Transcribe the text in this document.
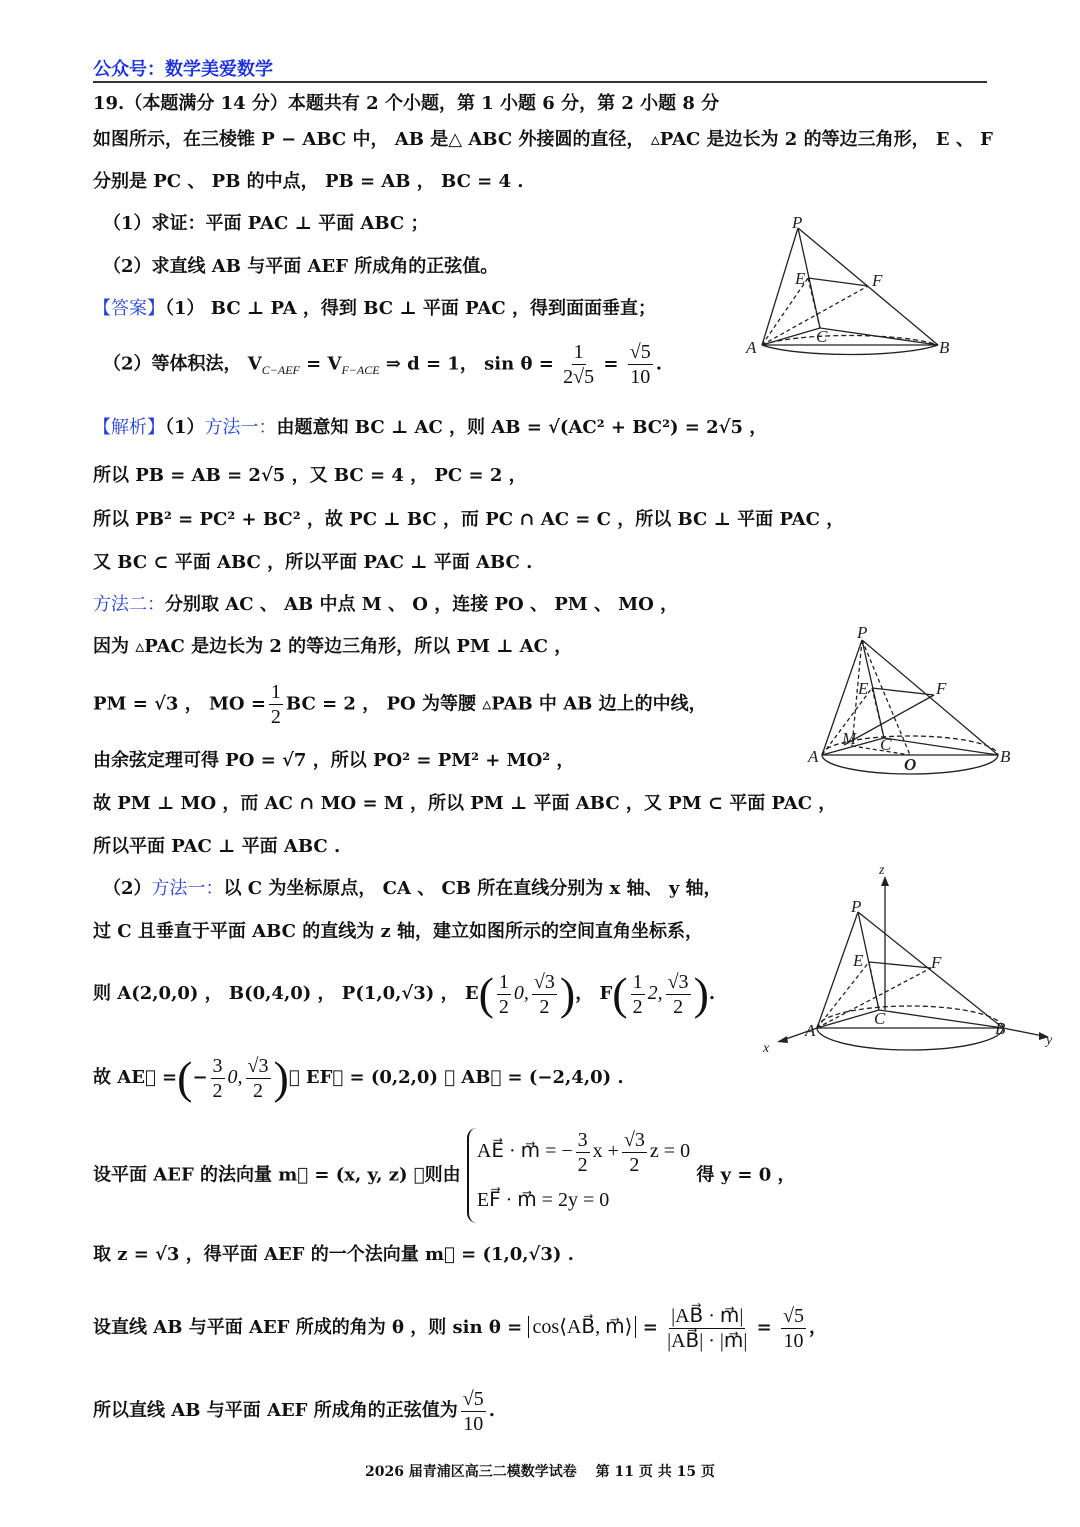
公众号：数学美爱数学
19.（本题满分 14 分）本题共有 2 个小题，第 1 小题 6 分，第 2 小题 8 分
如图所示，在三棱锥 P − ABC 中， AB 是△ ABC 外接圆的直径， ▵PAC 是边长为 2 的等边三角形， E 、 F
分别是 PC 、 PB 的中点， PB = AB ， BC = 4 .
（1）求证：平面 PAC ⊥ 平面 ABC ；
（2）求直线 AB 与平面 AEF 所成角的正弦值。
【答案】（1） BC ⊥ PA ，得到 BC ⊥ 平面 PAC ，得到面面垂直；
（2）等体积法， $V_{C-AEF} = V_{F-ACE}$ ⇒ d = 1， $\sin \theta = \frac{1}{2√5} = \frac{√5}{10}$ .
【解析】（1）方法一：由题意知 BC ⊥ AC ，则 AB = √(AC² + BC²) = 2√5 ，
所以 PB = AB = 2√5 ，又 BC = 4 ， PC = 2 ，
所以 PB² = PC² + BC² ，故 PC ⊥ BC ，而 PC ∩ AC = C ，所以 BC ⊥ 平面 PAC ，
又 BC ⊂ 平面 ABC ，所以平面 PAC ⊥ 平面 ABC .
方法二：分别取 AC 、 AB 中点 M 、 O ，连接 PO 、 PM 、 MO ，
因为 ▵PAC 是边长为 2 的等边三角形，所以 PM ⊥ AC ，
PM = √3 ， MO = $\frac{1}{2}$ BC = 2 ， PO 为等腰 ▵PAB 中 AB 边上的中线，
由余弦定理可得 PO = √7 ，所以 PO² = PM² + MO² ，
故 PM ⊥ MO ，而 AC ∩ MO = M ，所以 PM ⊥ 平面 ABC ，又 PM ⊂ 平面 PAC ，
所以平面 PAC ⊥ 平面 ABC .
（2）方法一：以 C 为坐标原点， CA 、 CB 所在直线分别为 x 轴、 y 轴，
过 C 且垂直于平面 ABC 的直线为 z 轴，建立如图所示的空间直角坐标系，
则 A(2,0,0) ， B(0,4,0) ， P(1,0,√3) ， $E( \frac{1}{2} 0$, $\frac{√3}{2}$ )， $F( \frac{1}{2} 2$, $\frac{√3}{2}$ ).
故 AE⃗ =(− $\frac{3}{2} 0$, $\frac{√3}{2}$ )， EF⃗ = (0,2,0) ， AB⃗ = (−2,4,0) .
设平面 AEF 的法向量 m⃗ = (x, y, z) ，则由
AE⃗ · m⃗ = − $\frac{3}{2}$ $x + \frac{√3}{2}$ z = 0
EF⃗ · m⃗ = 2y = 0
得 y = 0 ，
取 z = √3 ，得平面 AEF 的一个法向量 m⃗ = (1,0,√3) .
设直线 AB 与平面 AEF 所成的角为 θ ，则 sin θ = cos⟨AB⃗, m⃗⟩ = $\frac{|AB⃗ \cdot m⃗|}{|AB⃗| \cdot |m⃗|} = \frac{√5}{10}$ ，
所以直线 AB 与平面 AEF 所成角的正弦值为 $\frac{√5}{10}$ .
P
A	B
C
E	F
P
A	B
C
E	F
M
O
z
x
y
P
A	B
C
E	F
2026 届青浦区高三二模数学试卷　 第 11 页 共 15 页
